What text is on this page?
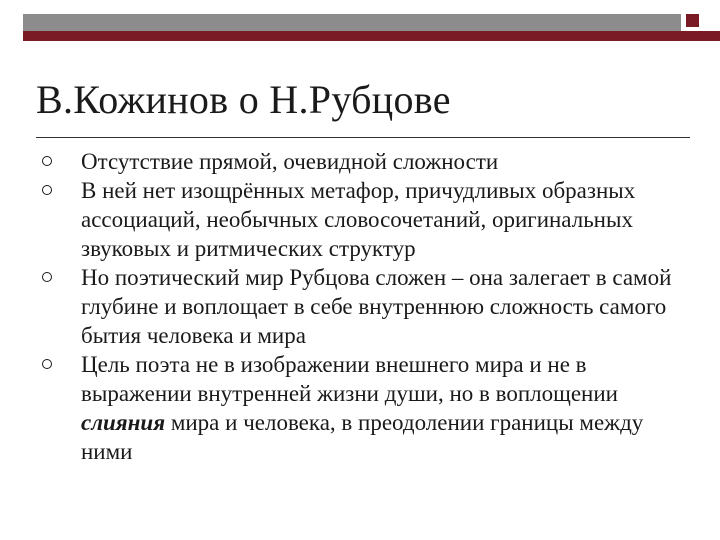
В.Кожинов о Н.Рубцове
Отсутствие прямой, очевидной сложности
В ней нет изощрённых метафор, причудливых образных ассоциаций, необычных словосочетаний, оригинальных звуковых и ритмических структур
Но поэтический мир Рубцова сложен – она залегает в самой глубине и воплощает в себе внутреннюю сложность самого бытия человека и мира
Цель поэта не в изображении внешнего мира и не в выражении внутренней жизни души, но в воплощении слияния мира и человека, в преодолении границы между ними
